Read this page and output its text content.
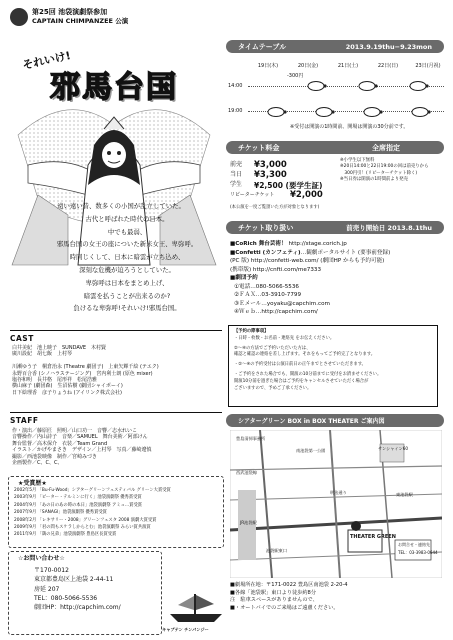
第25回 池袋演劇祭参加
CAPTAIN CHIMPANZEE 公演
それいけ!
邪馬台国
遠い遠い昔、数多くの小国が乱立していた。
古代と呼ばれた時代の日本。
中でも最弱、
邪馬台国の女王の座についた新米女王、卑弥呼。
時同じくして、日本に暗雲が立ち込め、
深刻な危機が迫ろうとしていた。
卑弥呼は日本をまとめ上げ、
暗雲を払うことが出来るのか?
負けるな卑弥呼!それいけ!邪馬台国。
CAST
白井美紀　池上映子　SUNDAVE　木村賢
廣川設紀　胡七飯　上村琴
川瀬ゆう子　桐倉治永 (Theatre 劇団子)　上東矢輝千絵 (テエク)
永野百合香 (シノハラステージング)　宮内利士朗 (原色 mixer)
塩谷和明　長井格　尾形祥　松尾浩雅
横山麻子 (劇団森)　生沼佑樹 (劇団シャイボーイ)
日下絵理香　彦子りょうね (アイリンク株式会社)
STAFF
作・演出／藤原匠　照明／山口功一　音響／志水れいこ
音響操作／内山詩子　音楽／SAMUEL　舞台美術／阿部けん
舞台監督／高木保介　衣装／Team Grand
イラスト／かげやまさき　デザイン／上村琴　写真／藤崎遼慎
撮影／西池袋映像　制作／宮崎みづき
企画製作／C、C、C、
★受賞歴★
2002年5月 「Bu-Fu-Wood」シアターグリーンフェスティバル グリーン大賞受賞
2003年9月 「ピーター・テルミンに行く」池袋演劇祭 優秀賞受賞
2004年9月 「あの日のあの時の本日」池袋演劇祭 アミュ…賞受賞
2007年9月 「SANAGI」池袋演劇祭 優秀賞受賞
2008年2月 「レキサリー・2008」グリーンフェスタ 2008 演劇大賞受賞
2009年9月 「君の問もスケラしからとむ」池袋演劇祭 みらい賞共演賞
2011年9月 「鶏の兄弟」池袋演劇祭 豊島区長賞受賞
☆お問い合わせ☆
〒170-0012
東京都豊島区上池袋 2-44-11
房延 207
TEL：080-5066-5536
劇団HP：http://capchim.com/
キャプテン チンパンジー
タイムテーブル	2013.9.19thu−9.23mon
19日(木)	20日(金)	21日(土)	22日(日)	23日(月祝)
-300円
14:00
19:00
※受付は開演の1時間前、開場は開演の30分前です。
チケット料金	全席指定
前売	¥3,000
当日	¥3,300
学生	¥2,500 (要学生証)
リピーターチケット	¥2,000
※小学生以下無料
※20日14:00と22日19:00の回は前売りから
　300円引！(リピーターチケット除く)
※当日券は開演の1時間前より発売
(本公演を一度ご覧頂いた方が対象となります)
チケット取り扱い	前売り開始日 2013.8.1thu
■CoRich 舞台芸術！ http://stage.corich.jp
■Confetti (カンフェティ)…観劇ポータルサイト (要事前登録)
(PC 版) http://confetti-web.com/ (劇団HP からも予約可能)
(携帯版) http://cnfti.com/me7333
■劇団予約
①電話…080-5066-5536
②ＦＡＸ…03-3910-7799
③Ｅメール…yoyaku@capchim.com
④Ｗｅｂ…http://capchim.com/
【予約の際事項】
・日時・枚数・お名前・連絡先 をお伝えください。
②～④の方法でご予約いただいた方は、
確認と確認の連絡を差し上げます。それをもってご予約完了となります。
・②～④の予約受付は公演日前日の正午までとさせていただきます。
・ご予約をされた場合でも、開演の10分前までに受付をお済ませください。
開演10分前を過ぎた場合はご予約をキャンセルさせていただく場合が
ございますので、予めご了承ください。
シアターグリーン BOX in BOX THEATER ご案内図
豊島清掃事務所
南池袋第一公園
西武池袋線
サンシャイン60
東池袋駅
JR池袋駅
池袋駅東口
明治通り
THEATER GREEN
お問合せ・連絡先
TEL：03-3983-0644
■劇場所在地：〒171-0022 豊島区南池袋 2-20-4
■各線「池袋駅」東口より徒歩約8分
注　駐車スペースがありませんので、
■・オートバイでのご来場はご遠慮ください。
